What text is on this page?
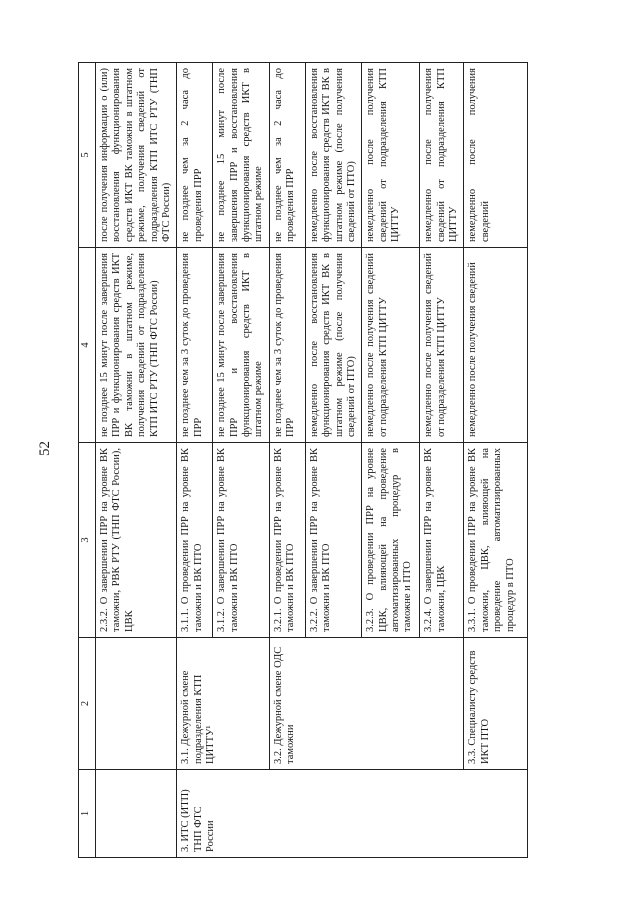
52
1	2	3	4	5
		2.3.2. О завершении ПРР на уровне ВК таможни, РВК РТУ (ТНП ФТС России), ЦВК	не позднее 15 минут после завершения ПРР и функционирования средств ИКТ ВК таможни в штатном режиме, получения сведений от подразделения КТП ИТС РТУ (ТНП ФТС России)	после получения информации о (или) восстановления функционирования средств ИКТ ВК таможни в штатном режиме, получения сведений от подразделения КТП ИТС РТУ (ТНП ФТС России)
3. ИТС (ИТП) ТНП ФТС России	3.1. Дежурной смене подразделения КТП ЦИТТУ¹	3.1.1. О проведении ПРР на уровне ВК таможни и ВК ПТО	не позднее чем за 3 суток до проведения ПРР	не позднее чем за 2 часа до проведения ПРР
		3.1.2. О завершении ПРР на уровне ВК таможни и ВК ПТО	не позднее 15 минут после завершения ПРР и восстановления функционирования средств ИКТ в штатном режиме	не позднее 15 минут после завершения ПРР и восстановления функционирования средств ИКТ в штатном режиме
	3.2. Дежурной смене ОДС таможни	3.2.1. О проведении ПРР на уровне ВК таможни и ВК ПТО	не позднее чем за 3 суток до проведения ПРР	не позднее чем за 2 часа до проведения ПРР
		3.2.2. О завершении ПРР на уровне ВК таможни и ВК ПТО	немедленно после восстановления функционирования средств ИКТ ВК в штатном режиме (после получения сведений от ПТО)	немедленно после восстановления функционирования средств ИКТ ВК в штатном режиме (после получения сведений от ПТО)
		3.2.3. О проведении ПРР на уровне ЦВК, влияющей на проведение автоматизированных процедур в таможне и ПТО	немедленно после получения сведений от подразделения КТП ЦИТТУ	немедленно после получения сведений от подразделения КТП ЦИТТУ
		3.2.4. О завершении ПРР на уровне ВК таможни, ЦВК	немедленно после получения сведений от подразделения КТП ЦИТТУ	немедленно после получения сведений от подразделения КТП ЦИТТУ
	3.3. Специалисту средств ИКТ ПТО	3.3.1. О проведении ПРР на уровне ВК таможни, ЦВК, влияющей на проведение автоматизированных процедур в ПТО	немедленно после получения сведений	немедленно после получения сведений
